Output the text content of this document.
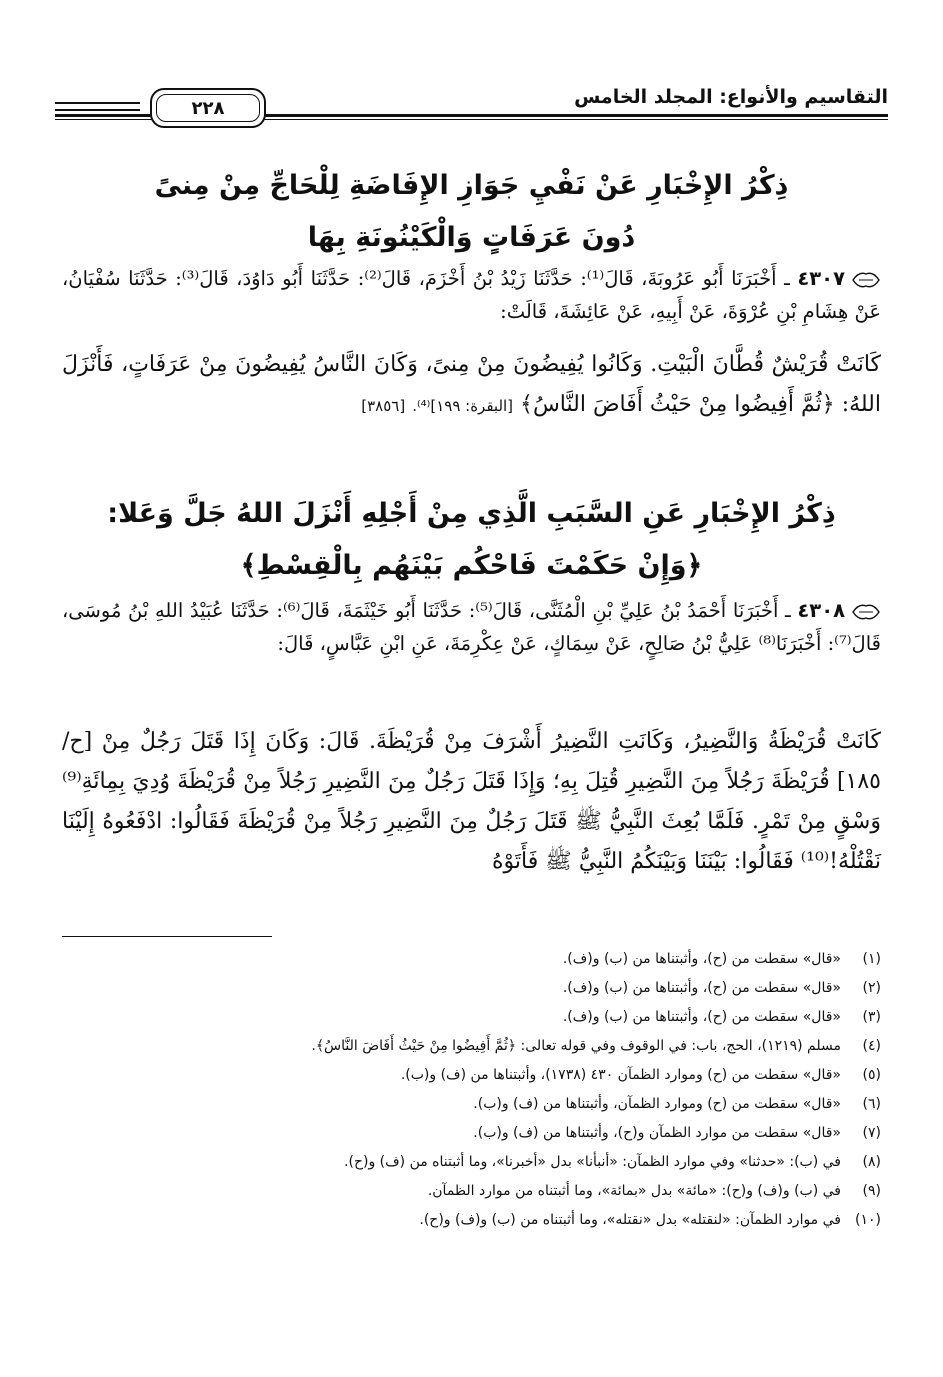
التقاسيم والأنواع: المجلد الخامس
٢٢٨
ذِكْرُ الإِخْبَارِ عَنْ نَفْيِ جَوَازِ الإِفَاضَةِ لِلْحَاجِّ مِنْ مِنىً
دُونَ عَرَفَاتٍ وَالْكَيْنُونَةِ بِهَا
٤٣٠٧ ـ أَخْبَرَنَا أَبُو عَرُوبَةَ، قَالَ⁽¹⁾: حَدَّثَنَا زَيْدُ بْنُ أَخْزَمَ، قَالَ⁽²⁾: حَدَّثَنَا أَبُو دَاوُدَ، قَالَ⁽³⁾: حَدَّثَنَا سُفْيَانُ، عَنْ هِشَامِ بْنِ عُرْوَةَ، عَنْ أَبِيهِ، عَنْ عَائِشَةَ، قَالَتْ:
كَانَتْ قُرَيْشٌ قُطَّانَ الْبَيْتِ. وَكَانُوا يُفِيضُونَ مِنْ مِنىً، وَكَانَ النَّاسُ يُفِيضُونَ مِنْ عَرَفَاتٍ، فَأَنْزَلَ اللهُ: ﴿ثُمَّ أَفِيضُوا مِنْ حَيْثُ أَفَاضَ النَّاسُ﴾ [البقرة: ١٩٩]⁽⁴⁾. [٣٨٥٦]
ذِكْرُ الإِخْبَارِ عَنِ السَّبَبِ الَّذِي مِنْ أَجْلِهِ أَنْزَلَ اللهُ جَلَّ وَعَلا:
﴿وَإِنْ حَكَمْتَ فَاحْكُم بَيْنَهُم بِالْقِسْطِ﴾
٤٣٠٨ ـ أَخْبَرَنَا أَحْمَدُ بْنُ عَلِيِّ بْنِ الْمُثَنَّى، قَالَ⁽⁵⁾: حَدَّثَنَا أَبُو خَيْثَمَةَ، قَالَ⁽⁶⁾: حَدَّثَنَا عُبَيْدُ اللهِ بْنُ مُوسَى، قَالَ⁽⁷⁾: أَخْبَرَنَا⁽⁸⁾ عَلِيُّ بْنُ صَالِحٍ، عَنْ سِمَاكٍ، عَنْ عِكْرِمَةَ، عَنِ ابْنِ عَبَّاسٍ، قَالَ:
كَانَتْ قُرَيْظَةُ وَالنَّضِيرُ، وَكَانَتِ النَّضِيرُ أَشْرَفَ مِنْ قُرَيْظَةَ. قَالَ: وَكَانَ إِذَا قَتَلَ رَجُلٌ مِنْ [ح/١٨٥] قُرَيْظَةَ رَجُلاً مِنَ النَّضِيرِ قُتِلَ بِهِ؛ وَإِذَا قَتَلَ رَجُلٌ مِنَ النَّضِيرِ رَجُلاً مِنْ قُرَيْظَةَ وُدِيَ بِمِائَةِ⁽⁹⁾ وَسْقٍ مِنْ تَمْرٍ. فَلَمَّا بُعِثَ النَّبِيُّ ﷺ قَتَلَ رَجُلٌ مِنَ النَّضِيرِ رَجُلاً مِنْ قُرَيْظَةَ فَقَالُوا: ادْفَعُوهُ إِلَيْنَا نَقْتُلْهُ!⁽¹⁰⁾ فَقَالُوا: بَيْنَنَا وَبَيْنَكُمُ النَّبِيُّ ﷺ فَأَتَوْهُ
(١)
«قال» سقطت من (ح)، وأثبتناها من (ب) و(ف).
(٢)
«قال» سقطت من (ح)، وأثبتناها من (ب) و(ف).
(٣)
«قال» سقطت من (ح)، وأثبتناها من (ب) و(ف).
(٤)
مسلم (١٢١٩)، الحج، باب: في الوقوف وفي قوله تعالى: ﴿ثُمَّ أَفِيضُوا مِنْ حَيْثُ أَفَاضَ النَّاسُ﴾.
(٥)
«قال» سقطت من (ح) وموارد الظمآن ٤٣٠ (١٧٣٨)، وأثبتناها من (ف) و(ب).
(٦)
«قال» سقطت من (ح) وموارد الظمآن، وأثبتناها من (ف) و(ب).
(٧)
«قال» سقطت من موارد الظمآن و(ح)، وأثبتناها من (ف) و(ب).
(٨)
في (ب): «حدثنا» وفي موارد الظمآن: «أنبأنا» بدل «أخبرنا»، وما أثبتناه من (ف) و(ح).
(٩)
في (ب) و(ف) و(ح): «مائة» بدل «بمائة»، وما أثبتناه من موارد الظمآن.
(١٠)
في موارد الظمآن: «لنقتله» بدل «نقتله»، وما أثبتناه من (ب) و(ف) و(ح).
